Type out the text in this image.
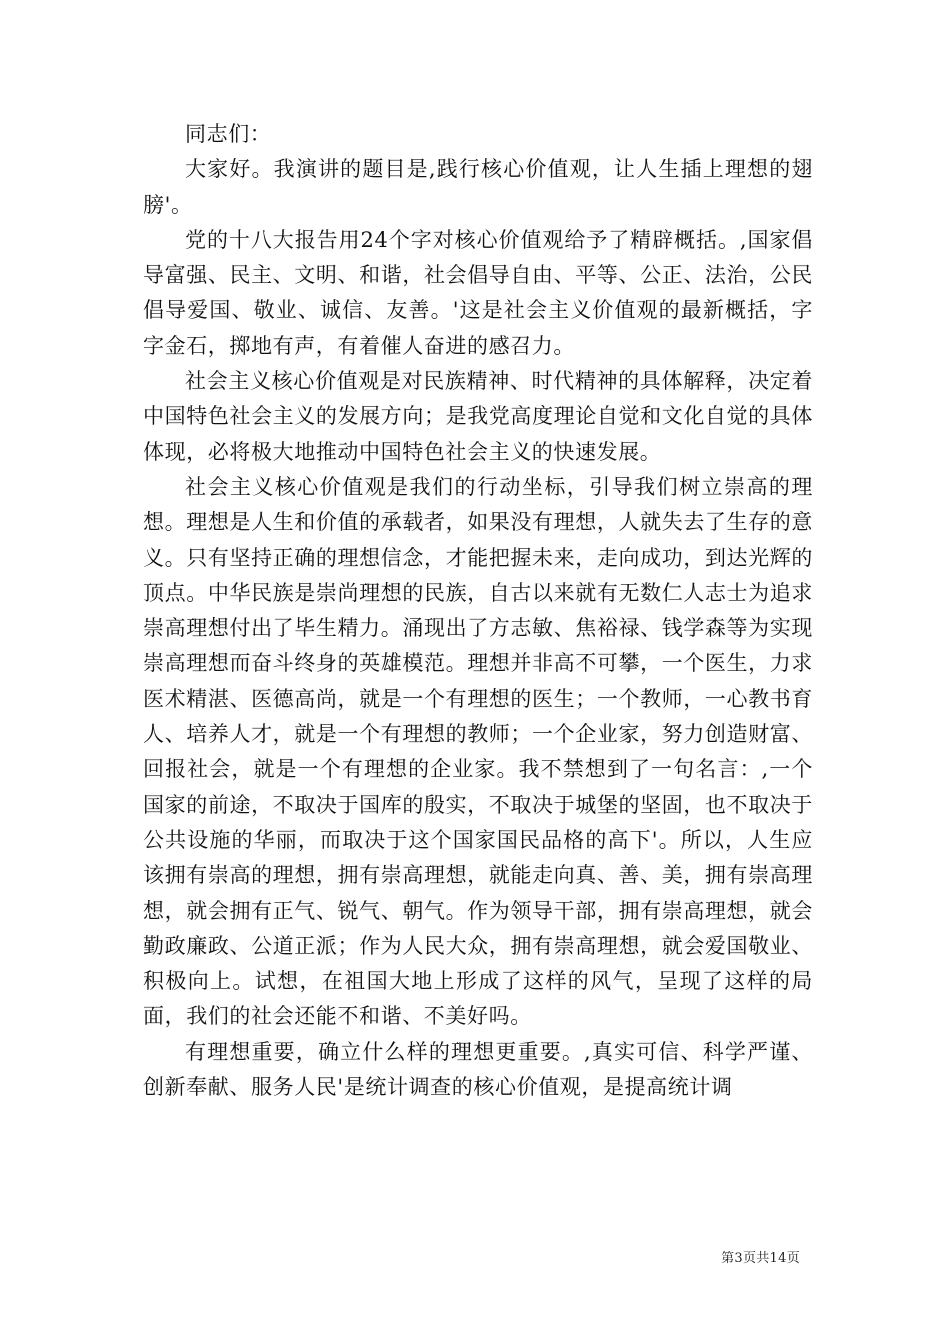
同志们：

大家好。我演讲的题目是,践行核心价值观，让人生插上理想的翅膀'。

党的十八大报告用24个字对核心价值观给予了精辟概括。,国家倡导富强、民主、文明、和谐，社会倡导自由、平等、公正、法治，公民倡导爱国、敬业、诚信、友善。'这是社会主义价值观的最新概括，字字金石，掷地有声，有着催人奋进的感召力。

社会主义核心价值观是对民族精神、时代精神的具体解释，决定着中国特色社会主义的发展方向；是我党高度理论自觉和文化自觉的具体体现，必将极大地推动中国特色社会主义的快速发展。

社会主义核心价值观是我们的行动坐标，引导我们树立崇高的理想。理想是人生和价值的承载者，如果没有理想，人就失去了生存的意义。只有坚持正确的理想信念，才能把握未来，走向成功，到达光辉的顶点。中华民族是崇尚理想的民族，自古以来就有无数仁人志士为追求崇高理想付出了毕生精力。涌现出了方志敏、焦裕禄、钱学森等为实现崇高理想而奋斗终身的英雄模范。理想并非高不可攀，一个医生，力求医术精湛、医德高尚，就是一个有理想的医生；一个教师，一心教书育人、培养人才，就是一个有理想的教师；一个企业家，努力创造财富、回报社会，就是一个有理想的企业家。我不禁想到了一句名言：,一个国家的前途，不取决于国库的殷实，不取决于城堡的坚固，也不取决于公共设施的华丽，而取决于这个国家国民品格的高下'。所以，人生应该拥有崇高的理想，拥有崇高理想，就能走向真、善、美，拥有崇高理想，就会拥有正气、锐气、朝气。作为领导干部，拥有崇高理想，就会勤政廉政、公道正派；作为人民大众，拥有崇高理想，就会爱国敬业、积极向上。试想，在祖国大地上形成了这样的风气，呈现了这样的局面，我们的社会还能不和谐、不美好吗。

有理想重要，确立什么样的理想更重要。,真实可信、科学严谨、创新奉献、服务人民'是统计调查的核心价值观，是提高统计调

第3页共14页
